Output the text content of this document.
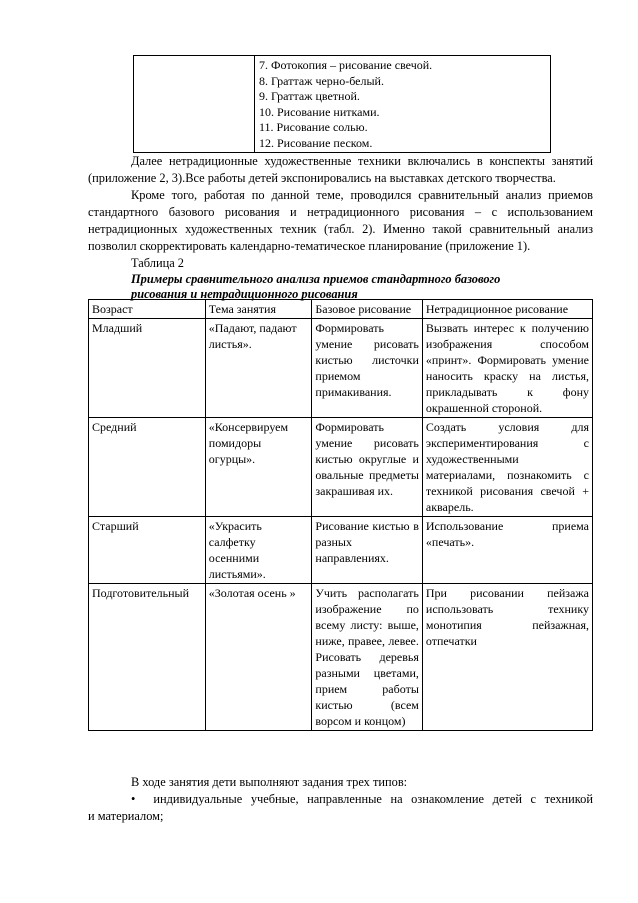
7. Фотокопия – рисование свечой.
8. Граттаж черно-белый.
9. Граттаж цветной.
10. Рисование нитками.
11. Рисование солью.
12. Рисование песком.
Далее нетрадиционные художественные техники включались в конспекты занятий
(приложение 2, 3).Все работы детей экспонировались на выставках детского творчества.
Кроме того, работая по данной теме, проводился сравнительный анализ приемов
стандартного базового рисования и нетрадиционного рисования – с использованием
нетрадиционных художественных техник (табл. 2). Именно такой сравнительный анализ
позволил скорректировать календарно-тематическое планирование (приложение 1).
Таблица 2
Примеры сравнительного анализа приемов стандартного базового
рисования и нетрадиционного рисования
Возраст	Тема занятия	Базовое рисование	Нетрадиционное рисование
Младший	«Падают, падают листья».	Формировать умение рисовать кистью листочки приемом примакивания.	Вызвать интерес к получению изображения способом «принт». Формировать умение наносить краску на листья, прикладывать к фону окрашенной стороной.
Средний	«Консервируем помидоры огурцы».	Формировать умение рисовать кистью округлые и овальные предметы закрашивая их.	Создать условия для экспериментирования с художественными материалами, познакомить с техникой рисования свечой + акварель.
Старший	«Украсить салфетку осенними листьями».	Рисование кистью в разных направлениях.	Использование приема «печать».
Подготовительный	«Золотая осень »	Учить располагать изображение по всему листу: выше, ниже, правее, левее. Рисовать деревья разными цветами, прием работы кистью (всем ворсом и концом)	При рисовании пейзажа использовать технику монотипия пейзажная, отпечатки
В ходе занятия дети выполняют задания трех типов:
• индивидуальные учебные, направленные на ознакомление детей с техникой
и материалом;
